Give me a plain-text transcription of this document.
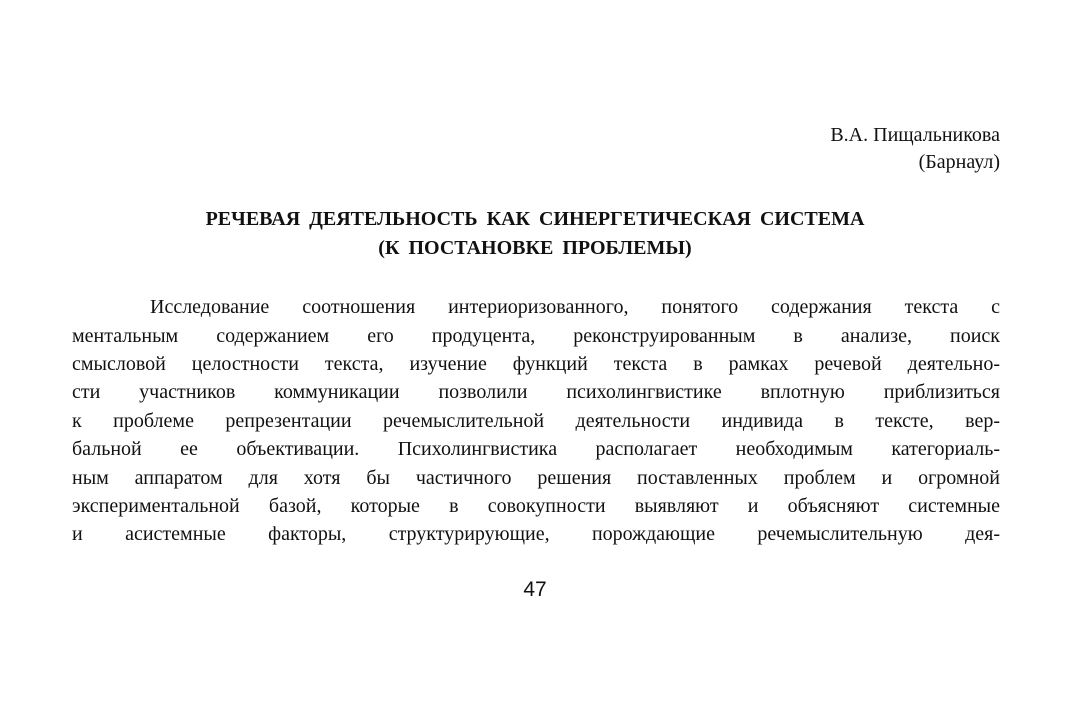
В.А. Пищальникова
(Барнаул)
РЕЧЕВАЯ ДЕЯТЕЛЬНОСТЬ КАК СИНЕРГЕТИЧЕСКАЯ СИСТЕМА
(К ПОСТАНОВКЕ ПРОБЛЕМЫ)
Исследование соотношения интериоризованного, понятого содержания текста с
ментальным содержанием его продуцента, реконструированным в анализе, поиск
смысловой целостности текста, изучение функций текста в рамках речевой деятельно-
сти участников коммуникации позволили психолингвистике вплотную приблизиться
к проблеме репрезентации речемыслительной деятельности индивида в тексте, вер-
бальной ее объективации. Психолингвистика располагает необходимым категориаль-
ным аппаратом для хотя бы частичного решения поставленных проблем и огромной
экспериментальной базой, которые в совокупности выявляют и объясняют системные
и асистемные факторы, структурирующие, порождающие речемыслительную дея-
47
